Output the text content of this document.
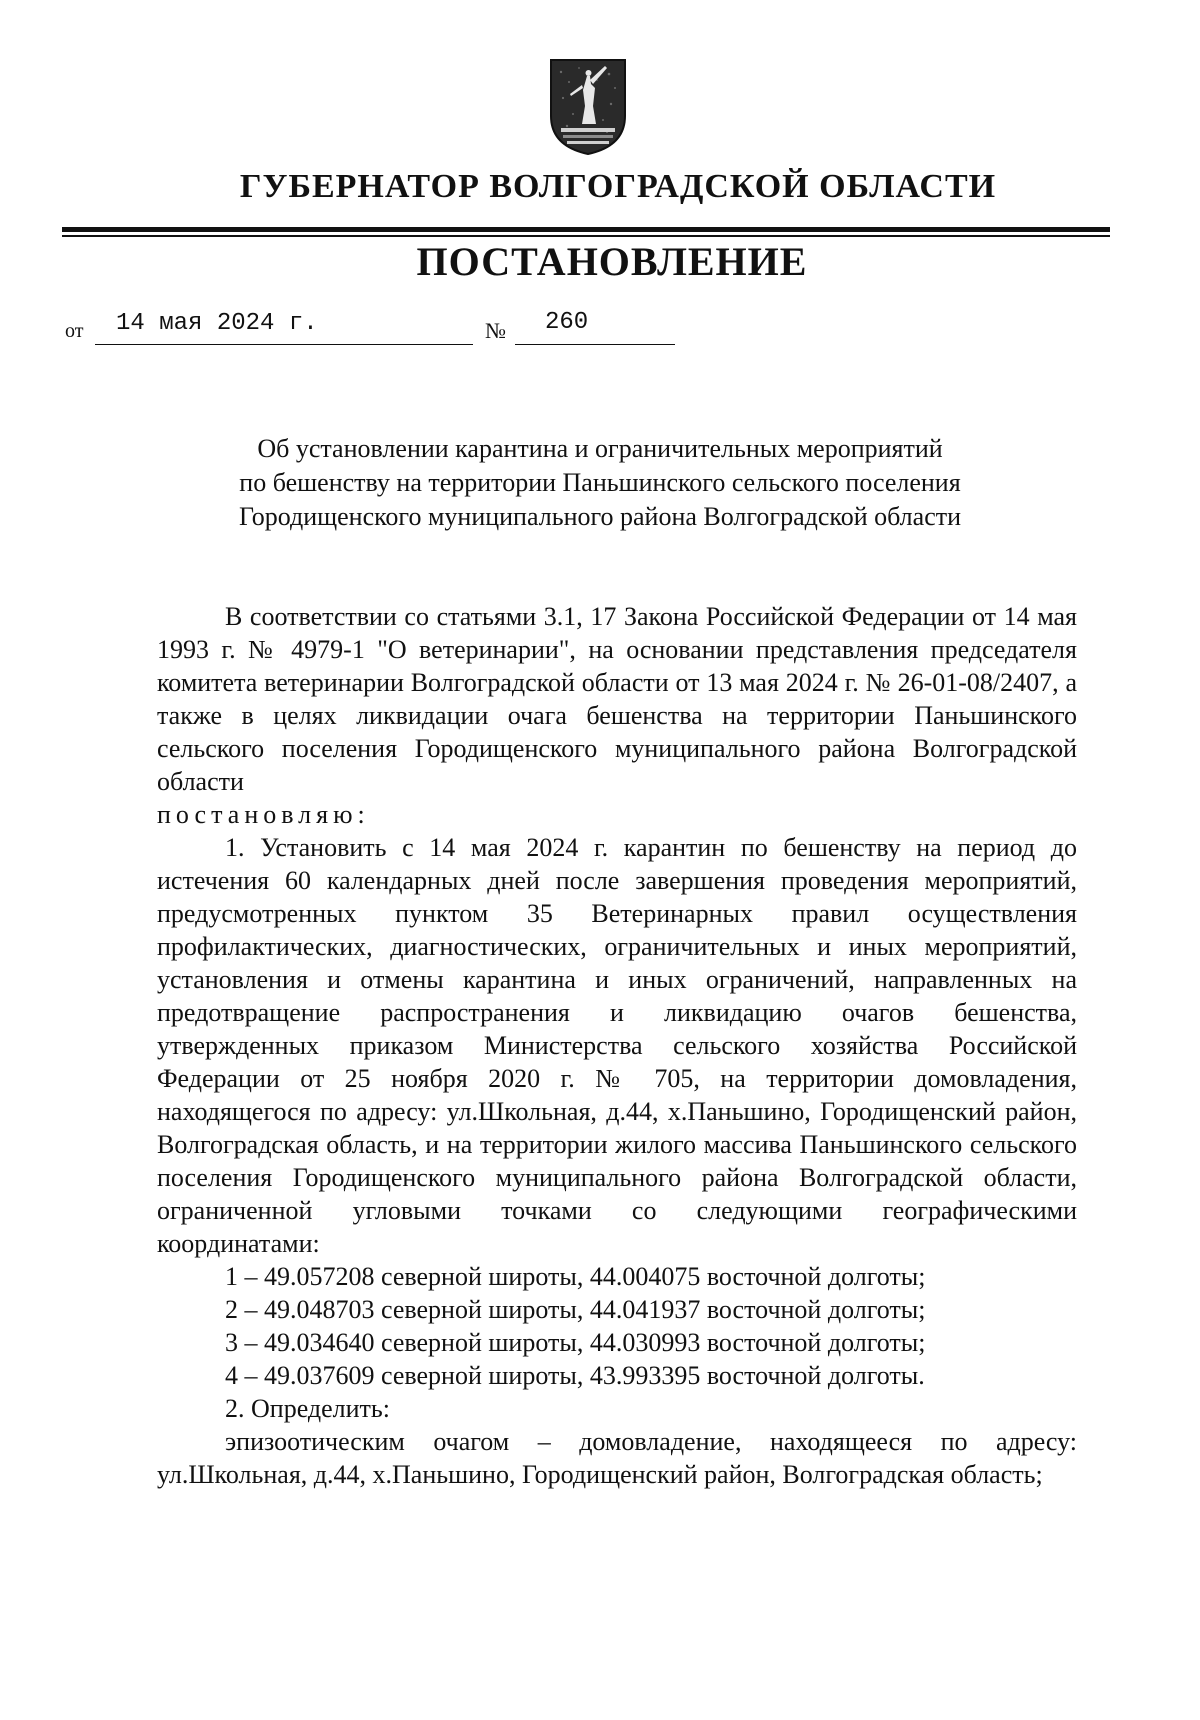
ГУБЕРНАТОР ВОЛГОГРАДСКОЙ ОБЛАСТИ
ПОСТАНОВЛЕНИЕ
от 14 мая 2024 г.	№ 260
Об установлении карантина и ограничительных мероприятий
по бешенству на территории Паньшинского сельского поселения
Городищенского муниципального района Волгоградской области

В соответствии со статьями 3.1, 17 Закона Российской Федерации от 14 мая 1993 г. № 4979-1 "О ветеринарии", на основании представления председателя комитета ветеринарии Волгоградской области от 13 мая 2024 г. № 26-01-08/2407, а также в целях ликвидации очага бешенства на территории Паньшинского сельского поселения Городищенского муниципального района Волгоградской области

постановляю:

1. Установить с 14 мая 2024 г. карантин по бешенству на период до истечения 60 календарных дней после завершения проведения мероприятий, предусмотренных пунктом 35 Ветеринарных правил осуществления профилактических, диагностических, ограничительных и иных мероприятий, установления и отмены карантина и иных ограничений, направленных на предотвращение распространения и ликвидацию очагов бешенства, утвержденных приказом Министерства сельского хозяйства Российской Федерации от 25 ноября 2020 г. № 705, на территории домовладения, находящегося по адресу: ул.Школьная, д.44, х.Паньшино, Городищенский район, Волгоградская область, и на территории жилого массива Паньшинского сельского поселения Городищенского муниципального района Волгоградской области, ограниченной угловыми точками со следующими географическими координатами:

1 – 49.057208 северной широты, 44.004075 восточной долготы;

2 – 49.048703 северной широты, 44.041937 восточной долготы;

3 – 49.034640 северной широты, 44.030993 восточной долготы;

4 – 49.037609 северной широты, 43.993395 восточной долготы.

2. Определить:

эпизоотическим очагом – домовладение, находящееся по адресу: ул.Школьная, д.44, х.Паньшино, Городищенский район, Волгоградская область;
